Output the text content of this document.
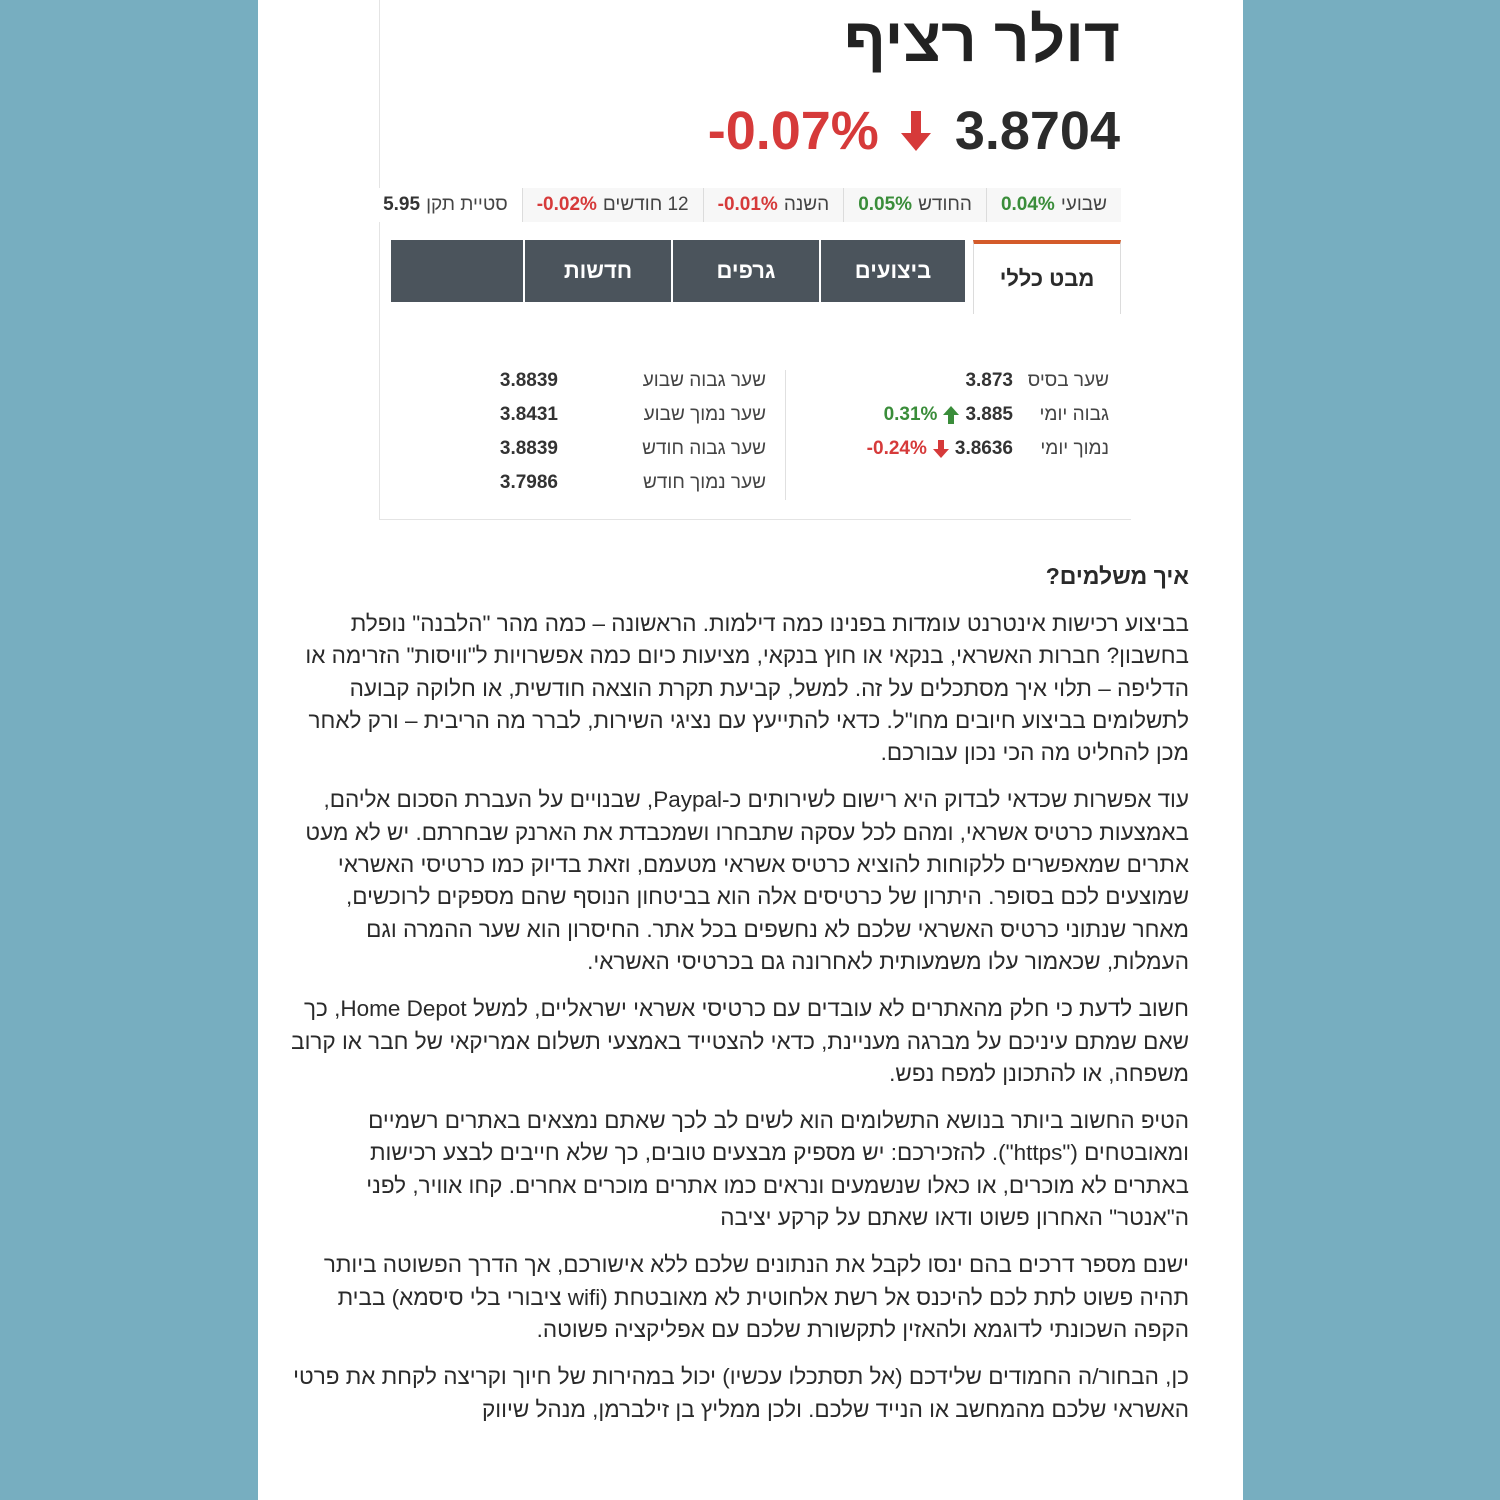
דולר רציף
3.8704
-0.07%
שבועי
0.04%
החודש
0.05%
השנה
-0.01%
12 חודשים
-0.02%
סטיית תקן
5.95
מבט כללי
ביצועים
גרפים
חדשות
שער בסיס
3.873
גבוה יומי
3.885
0.31%
נמוך יומי
3.8636
-0.24%
שער גבוה שבוע
3.8839
שער נמוך שבוע
3.8431
שער גבוה חודש
3.8839
שער נמוך חודש
3.7986
איך משלמים?

בביצוע רכישות אינטרנט עומדות בפנינו כמה דילמות. הראשונה – כמה מהר "הלבנה" נופלת בחשבון? חברות האשראי, בנקאי או חוץ בנקאי, מציעות כיום כמה אפשרויות ל"וויסות" הזרימה או הדליפה – תלוי איך מסתכלים על זה. למשל, קביעת תקרת הוצאה חודשית, או חלוקה קבועה לתשלומים בביצוע חיובים מחו"ל. כדאי להתייעץ עם נציגי השירות, לברר מה הריבית – ורק לאחר מכן להחליט מה הכי נכון עבורכם.

עוד אפשרות שכדאי לבדוק היא רישום לשירותים כ-Paypal, שבנויים על העברת הסכום אליהם, באמצעות כרטיס אשראי, ומהם לכל עסקה שתבחרו ושמכבדת את הארנק שבחרתם. יש לא מעט אתרים שמאפשרים ללקוחות להוציא כרטיס אשראי מטעמם, וזאת בדיוק כמו כרטיסי האשראי שמוצעים לכם בסופר. היתרון של כרטיסים אלה הוא בביטחון הנוסף שהם מספקים לרוכשים, מאחר שנתוני כרטיס האשראי שלכם לא נחשפים בכל אתר. החיסרון הוא שער ההמרה וגם העמלות, שכאמור עלו משמעותית לאחרונה גם בכרטיסי האשראי.

חשוב לדעת כי חלק מהאתרים לא עובדים עם כרטיסי אשראי ישראליים, למשל Home Depot, כך שאם שמתם עיניכם על מברגה מעניינת, כדאי להצטייד באמצעי תשלום אמריקאי של חבר או קרוב משפחה, או להתכונן למפח נפש.

הטיפ החשוב ביותר בנושא התשלומים הוא לשים לב לכך שאתם נמצאים באתרים רשמיים ומאובטחים ("https"). להזכירכם: יש מספיק מבצעים טובים, כך שלא חייבים לבצע רכישות באתרים לא מוכרים, או כאלו שנשמעים ונראים כמו אתרים מוכרים אחרים. קחו אוויר, לפני ה"אנטר" האחרון פשוט ודאו שאתם על קרקע יציבה

ישנם מספר דרכים בהם ינסו לקבל את הנתונים שלכם ללא אישורכם, אך הדרך הפשוטה ביותר תהיה פשוט לתת לכם להיכנס אל רשת אלחוטית לא מאובטחת (wifi ציבורי בלי סיסמא) בבית הקפה השכונתי לדוגמא ולהאזין לתקשורת שלכם עם אפליקציה פשוטה.

כן, הבחור/ה החמודים שלידכם (אל תסתכלו עכשיו) יכול במהירות של חיוך וקריצה לקחת את פרטי האשראי שלכם מהמחשב או הנייד שלכם. ולכן ממליץ בן זילברמן, מנהל שיווק
